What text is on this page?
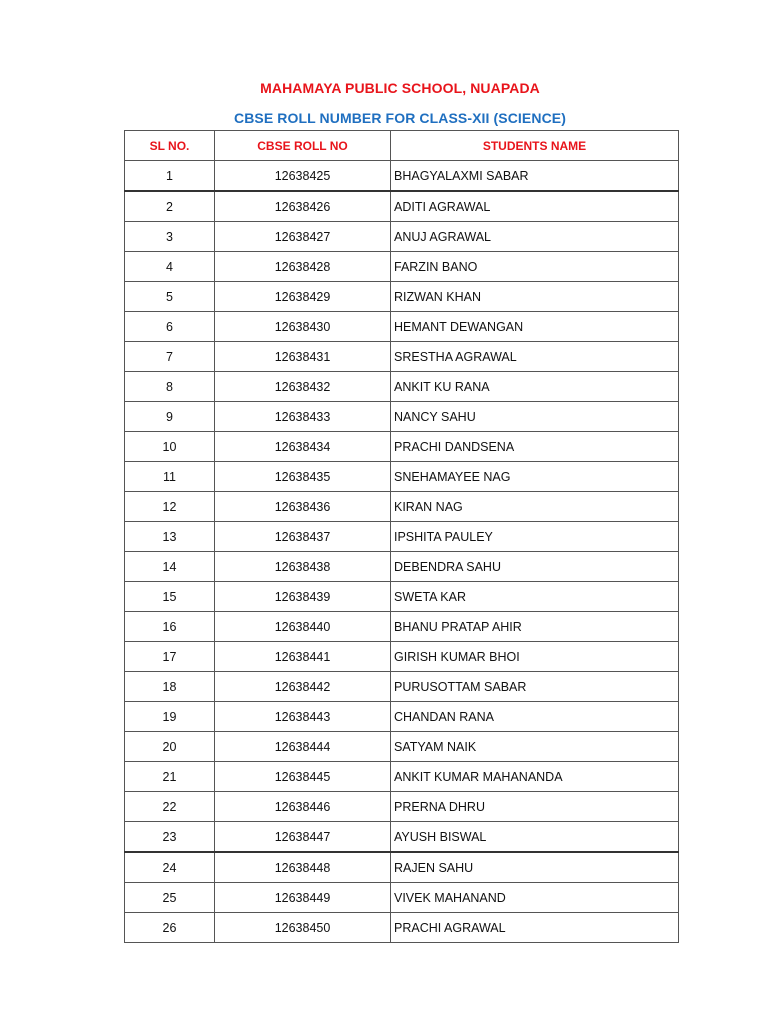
MAHAMAYA PUBLIC SCHOOL, NUAPADA
CBSE ROLL NUMBER FOR CLASS-XII (SCIENCE)
SL NO.	CBSE ROLL NO	STUDENTS NAME
1	12638425	BHAGYALAXMI SABAR
2	12638426	ADITI AGRAWAL
3	12638427	ANUJ AGRAWAL
4	12638428	FARZIN BANO
5	12638429	RIZWAN KHAN
6	12638430	HEMANT DEWANGAN
7	12638431	SRESTHA AGRAWAL
8	12638432	ANKIT KU RANA
9	12638433	NANCY SAHU
10	12638434	PRACHI DANDSENA
11	12638435	SNEHAMAYEE NAG
12	12638436	KIRAN NAG
13	12638437	IPSHITA PAULEY
14	12638438	DEBENDRA SAHU
15	12638439	SWETA KAR
16	12638440	BHANU PRATAP AHIR
17	12638441	GIRISH KUMAR BHOI
18	12638442	PURUSOTTAM SABAR
19	12638443	CHANDAN RANA
20	12638444	SATYAM NAIK
21	12638445	ANKIT KUMAR MAHANANDA
22	12638446	PRERNA DHRU
23	12638447	AYUSH BISWAL
24	12638448	RAJEN SAHU
25	12638449	VIVEK MAHANAND
26	12638450	PRACHI AGRAWAL
